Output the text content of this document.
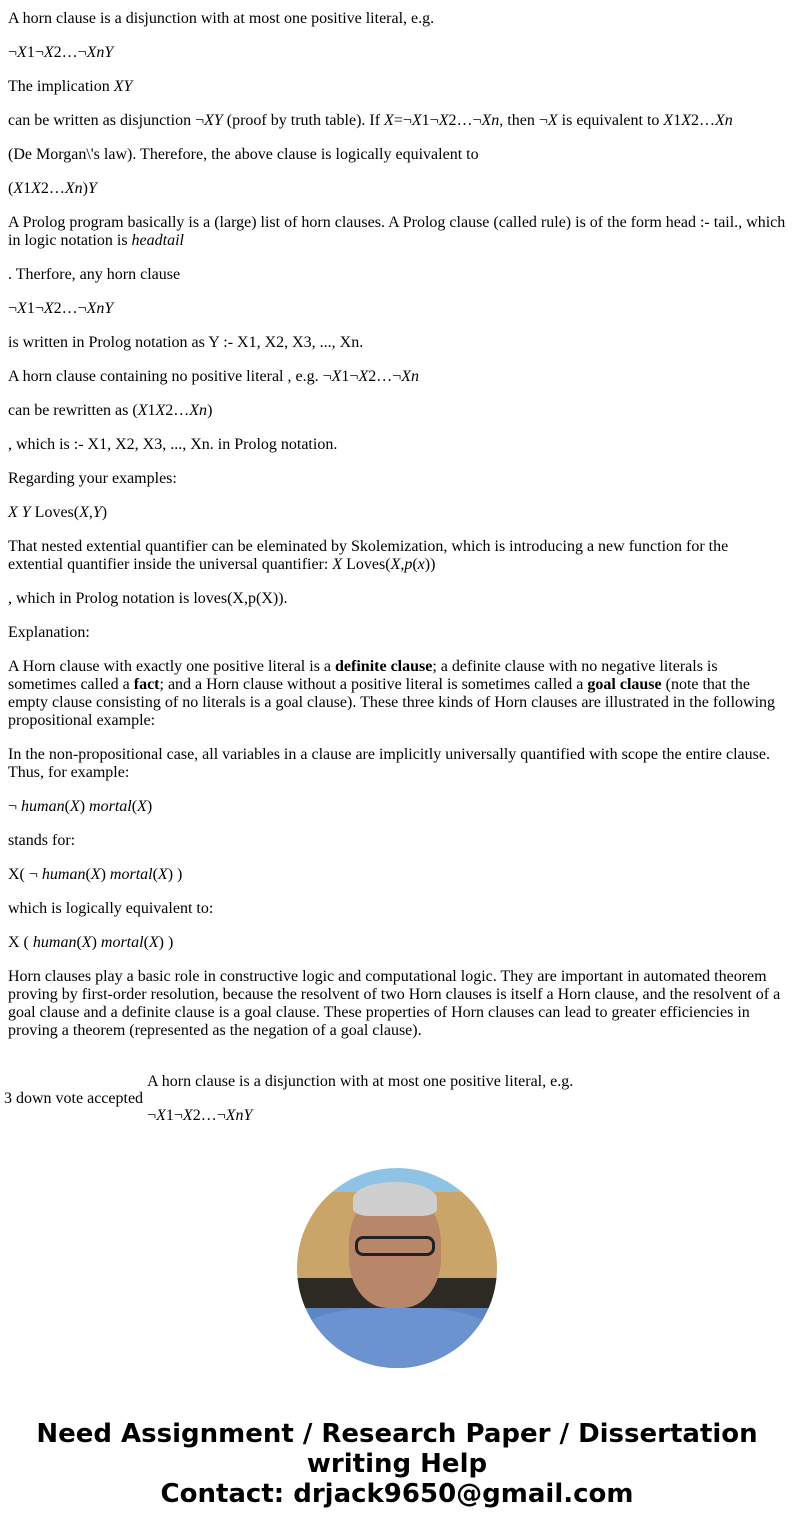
A horn clause is a disjunction with at most one positive literal, e.g.

¬X1¬X2…¬XnY

The implication XY

can be written as disjunction ¬XY (proof by truth table). If X=¬X1¬X2…¬Xn, then ¬X is equivalent to X1X2…Xn

(De Morgan\'s law). Therefore, the above clause is logically equivalent to

(X1X2…Xn)Y

A Prolog program basically is a (large) list of horn clauses. A Prolog clause (called rule) is of the form head :- tail., which in logic notation is headtail

. Therfore, any horn clause

¬X1¬X2…¬XnY

is written in Prolog notation as Y :- X1, X2, X3, ..., Xn.

A horn clause containing no positive literal , e.g. ¬X1¬X2…¬Xn

can be rewritten as (X1X2…Xn)

, which is :- X1, X2, X3, ..., Xn. in Prolog notation.

Regarding your examples:

X Y Loves(X,Y)

That nested extential quantifier can be eleminated by Skolemization, which is introducing a new function for the extential quantifier inside the universal quantifier: X Loves(X,p(x))

, which in Prolog notation is loves(X,p(X)).

Explanation:

A Horn clause with exactly one positive literal is a definite clause; a definite clause with no negative literals is sometimes called a fact; and a Horn clause without a positive literal is sometimes called a goal clause (note that the empty clause consisting of no literals is a goal clause). These three kinds of Horn clauses are illustrated in the following propositional example:

In the non-propositional case, all variables in a clause are implicitly universally quantified with scope the entire clause. Thus, for example:

¬ human(X) mortal(X)

stands for:

X( ¬ human(X) mortal(X) )

which is logically equivalent to:

X ( human(X) mortal(X) )

Horn clauses play a basic role in constructive logic and computational logic. They are important in automated theorem proving by first-order resolution, because the resolvent of two Horn clauses is itself a Horn clause, and the resolvent of a goal clause and a definite clause is a goal clause. These properties of Horn clauses can lead to greater efficiencies in proving a theorem (represented as the negation of a goal clause).

3 down vote accepted	

A horn clause is a disjunction with at most one positive literal, e.g.

¬X1¬X2…¬XnY

Need Assignment / Research Paper / Dissertation writing Help
Contact: drjack9650@gmail.com
